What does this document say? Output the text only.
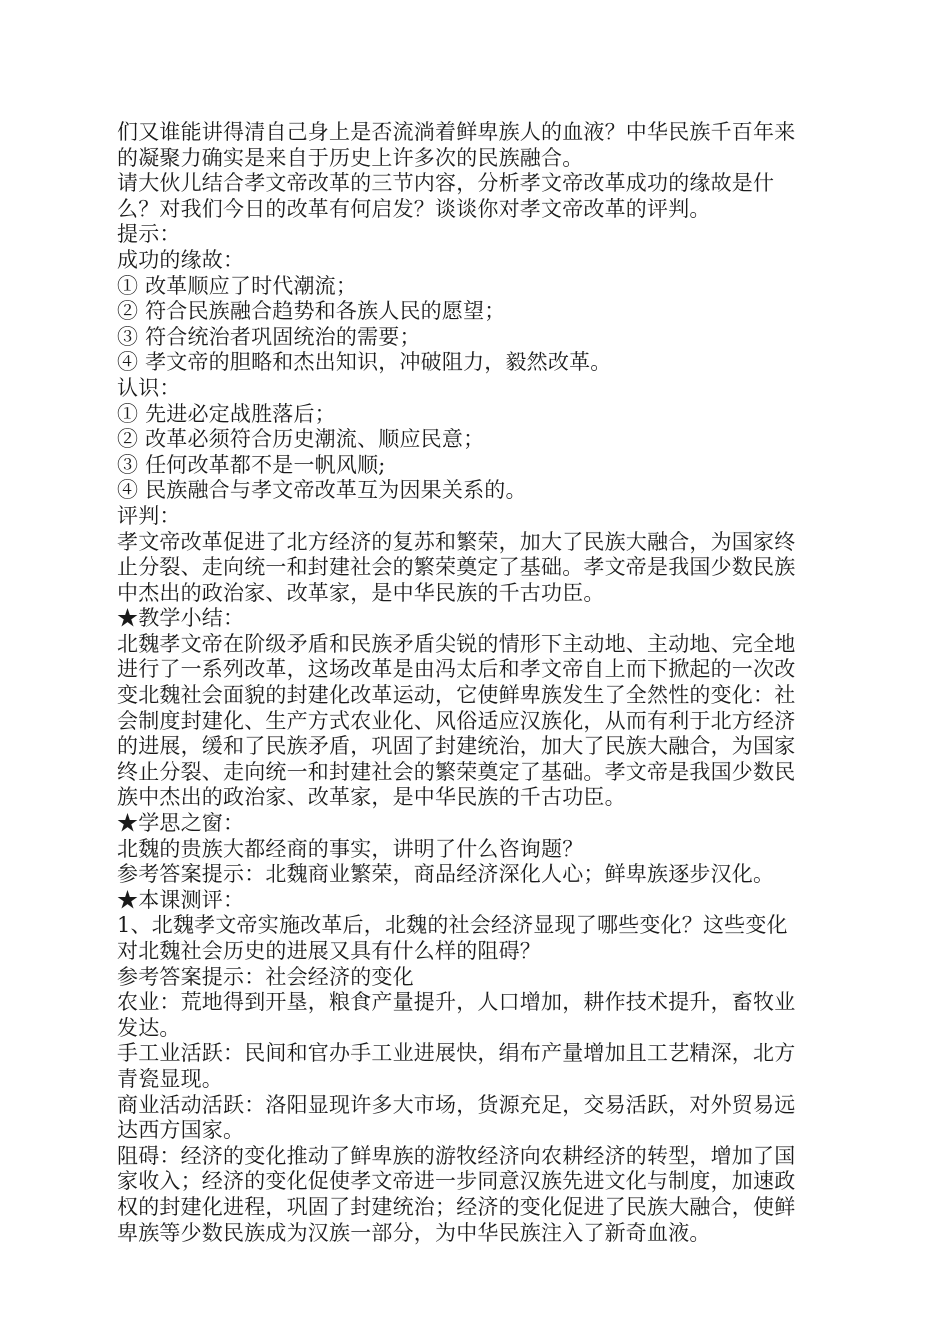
们又谁能讲得清自己身上是否流淌着鲜卑族人的血液？中华民族千百年来
的凝聚力确实是来自于历史上许多次的民族融合。
请大伙儿结合孝文帝改革的三节内容，分析孝文帝改革成功的缘故是什
么？对我们今日的改革有何启发？谈谈你对孝文帝改革的评判。
提示：
成功的缘故：
① 改革顺应了时代潮流；
② 符合民族融合趋势和各族人民的愿望；
③ 符合统治者巩固统治的需要；
④ 孝文帝的胆略和杰出知识，冲破阻力，毅然改革。
认识：
① 先进必定战胜落后；
② 改革必须符合历史潮流、顺应民意；
③ 任何改革都不是一帆风顺;
④ 民族融合与孝文帝改革互为因果关系的。
评判：
孝文帝改革促进了北方经济的复苏和繁荣，加大了民族大融合，为国家终
止分裂、走向统一和封建社会的繁荣奠定了基础。孝文帝是我国少数民族
中杰出的政治家、改革家，是中华民族的千古功臣。
★教学小结：
北魏孝文帝在阶级矛盾和民族矛盾尖锐的情形下主动地、主动地、完全地
进行了一系列改革，这场改革是由冯太后和孝文帝自上而下掀起的一次改
变北魏社会面貌的封建化改革运动，它使鲜卑族发生了全然性的变化：社
会制度封建化、生产方式农业化、风俗适应汉族化，从而有利于北方经济
的进展，缓和了民族矛盾，巩固了封建统治，加大了民族大融合，为国家
终止分裂、走向统一和封建社会的繁荣奠定了基础。孝文帝是我国少数民
族中杰出的政治家、改革家，是中华民族的千古功臣。
★学思之窗：
北魏的贵族大都经商的事实，讲明了什么咨询题？
参考答案提示：北魏商业繁荣，商品经济深化人心；鲜卑族逐步汉化。
★本课测评：
1、北魏孝文帝实施改革后，北魏的社会经济显现了哪些变化？这些变化
对北魏社会历史的进展又具有什么样的阻碍？
参考答案提示：社会经济的变化
农业：荒地得到开垦，粮食产量提升，人口增加，耕作技术提升，畜牧业
发达。
手工业活跃：民间和官办手工业进展快，绢布产量增加且工艺精深，北方
青瓷显现。
商业活动活跃：洛阳显现许多大市场，货源充足，交易活跃，对外贸易远
达西方国家。
阻碍：经济的变化推动了鲜卑族的游牧经济向农耕经济的转型，增加了国
家收入；经济的变化促使孝文帝进一步同意汉族先进文化与制度，加速政
权的封建化进程，巩固了封建统治；经济的变化促进了民族大融合，使鲜
卑族等少数民族成为汉族一部分，为中华民族注入了新奇血液。
